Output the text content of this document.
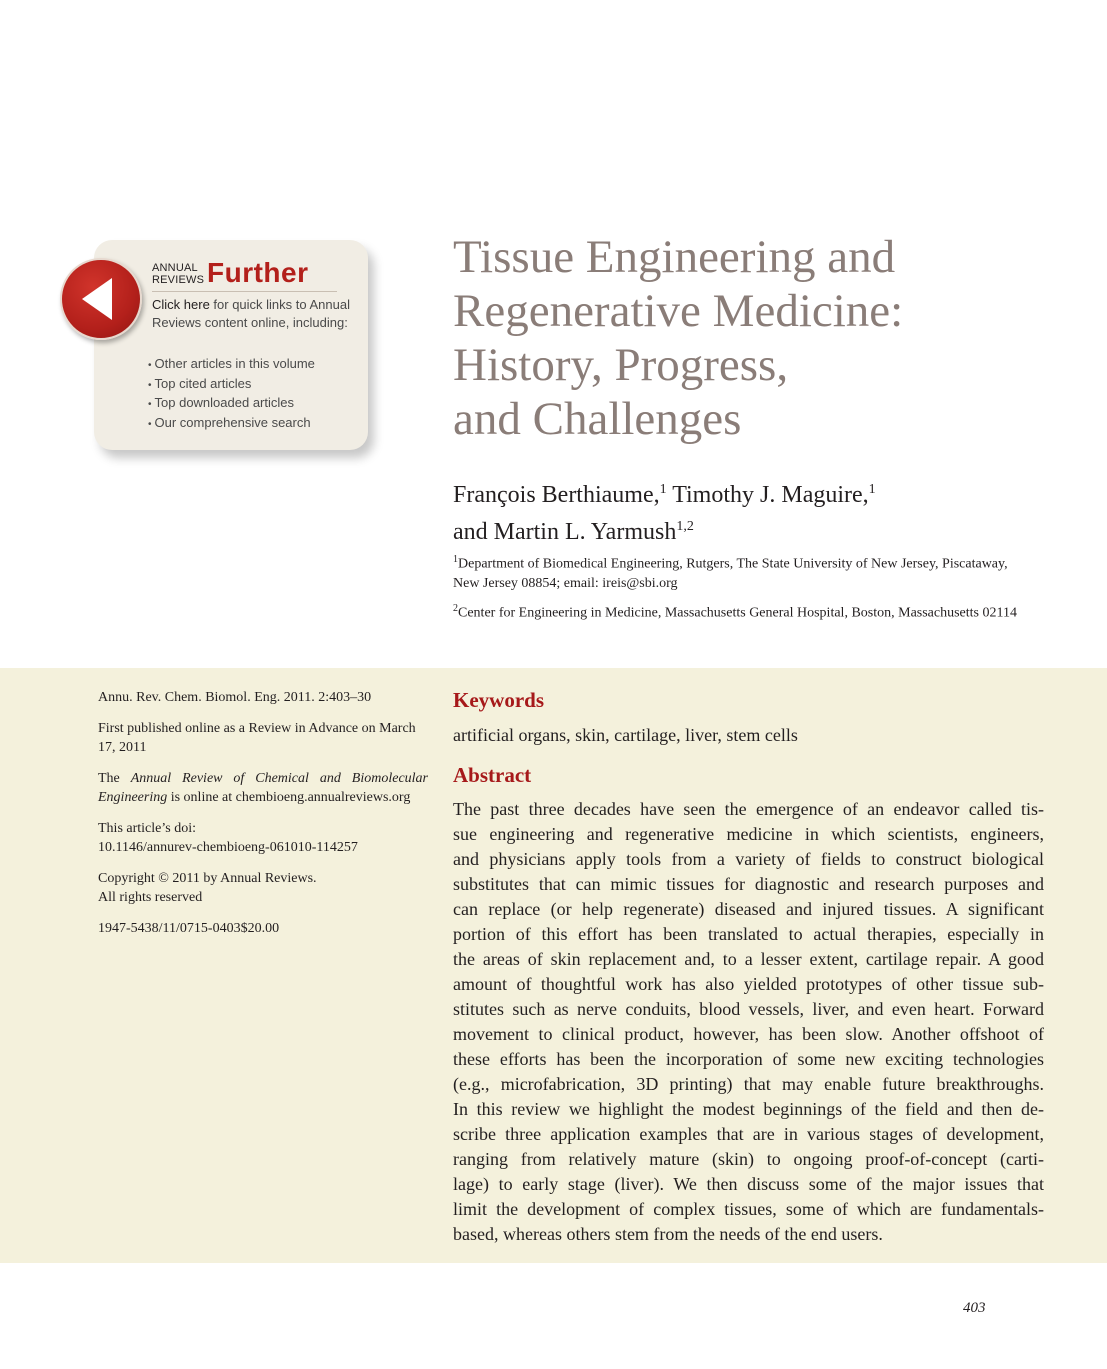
ANNUAL
REVIEWS Further
Click here for quick links to Annual Reviews content online, including:
• Other articles in this volume
• Top cited articles
• Top downloaded articles
• Our comprehensive search
Tissue Engineering and
Regenerative Medicine:
History, Progress,
and Challenges
François Berthiaume,$^1$ Timothy J. Maguire,$^1$
and Martin L. Yarmush$^{1,2}$

$^1$Department of Biomedical Engineering, Rutgers, The State University of New Jersey, Piscataway, New Jersey 08854; email: ireis@sbi.org

$^2$Center for Engineering in Medicine, Massachusetts General Hospital, Boston, Massachusetts 02114

Annu. Rev. Chem. Biomol. Eng. 2011. 2:403–30

First published online as a Review in Advance on March 17, 2011

The Annual Review of Chemical and Biomolecular Engineering is online at chembioeng.annualreviews.org

This article’s doi:
10.1146/annurev-chembioeng-061010-114257

Copyright © 2011 by Annual Reviews.
All rights reserved

1947-5438/11/0715-0403$20.00

Keywords

artificial organs, skin, cartilage, liver, stem cells

Abstract
The past three decades have seen the emergence of an endeavor called tis-
sue engineering and regenerative medicine in which scientists, engineers,
and physicians apply tools from a variety of fields to construct biological
substitutes that can mimic tissues for diagnostic and research purposes and
can replace (or help regenerate) diseased and injured tissues. A significant
portion of this effort has been translated to actual therapies, especially in
the areas of skin replacement and, to a lesser extent, cartilage repair. A good
amount of thoughtful work has also yielded prototypes of other tissue sub-
stitutes such as nerve conduits, blood vessels, liver, and even heart. Forward
movement to clinical product, however, has been slow. Another offshoot of
these efforts has been the incorporation of some new exciting technologies
(e.g., microfabrication, 3D printing) that may enable future breakthroughs.
In this review we highlight the modest beginnings of the field and then de-
scribe three application examples that are in various stages of development,
ranging from relatively mature (skin) to ongoing proof-of-concept (carti-
lage) to early stage (liver). We then discuss some of the major issues that
limit the development of complex tissues, some of which are fundamentals-
based, whereas others stem from the needs of the end users.
403
